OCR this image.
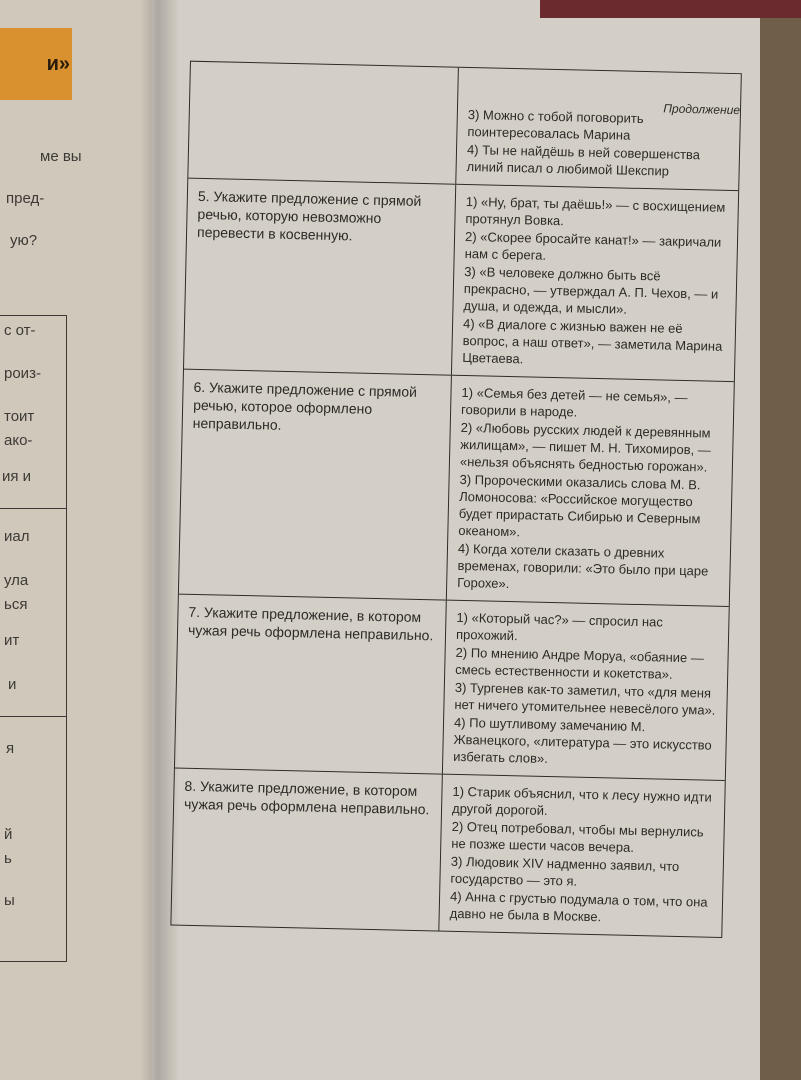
и»
ме вы
пред-
ую?
с от-
роиз-
тоит
ако-
ия и
иал
ула
ься
ит
и
я
й
ь
ы
Продолжение
3) Можно с тобой поговорить поинтересовалась Марина
4) Ты не найдёшь в ней совершенства линий писал о любимой Шекспир
5. Укажите предложение с прямой речью, которую невозможно перевести в косвенную.
1) «Ну, брат, ты даёшь!» — с восхищением протянул Вовка.
2) «Скорее бросайте канат!» — закричали нам с берега.
3) «В человеке должно быть всё прекрасно, — утверждал А. П. Чехов, — и душа, и одежда, и мысли».
4) «В диалоге с жизнью важен не её вопрос, а наш ответ», — заметила Марина Цветаева.
6. Укажите предложение с прямой речью, которое оформлено неправильно.
1) «Семья без детей — не семья», — говорили в народе.
2) «Любовь русских людей к деревянным жилищам», — пишет М. Н. Тихомиров, — «нельзя объяснять бедностью горожан».
3) Пророческими оказались слова М. В. Ломоносова: «Российское могущество будет прирастать Сибирью и Северным океаном».
4) Когда хотели сказать о древних временах, говорили: «Это было при царе Горохе».
7. Укажите предложение, в котором чужая речь оформлена неправильно.
1) «Который час?» — спросил нас прохожий.
2) По мнению Андре Моруа, «обаяние — смесь естественности и кокетства».
3) Тургенев как-то заметил, что «для меня нет ничего утомительнее невесёлого ума».
4) По шутливому замечанию М. Жванецкого, «литература — это искусство избегать слов».
8. Укажите предложение, в котором чужая речь оформлена неправильно.
1) Старик объяснил, что к лесу нужно идти другой дорогой.
2) Отец потребовал, чтобы мы вернулись не позже шести часов вечера.
3) Людовик XIV надменно заявил, что государство — это я.
4) Анна с грустью подумала о том, что она давно не была в Москве.
